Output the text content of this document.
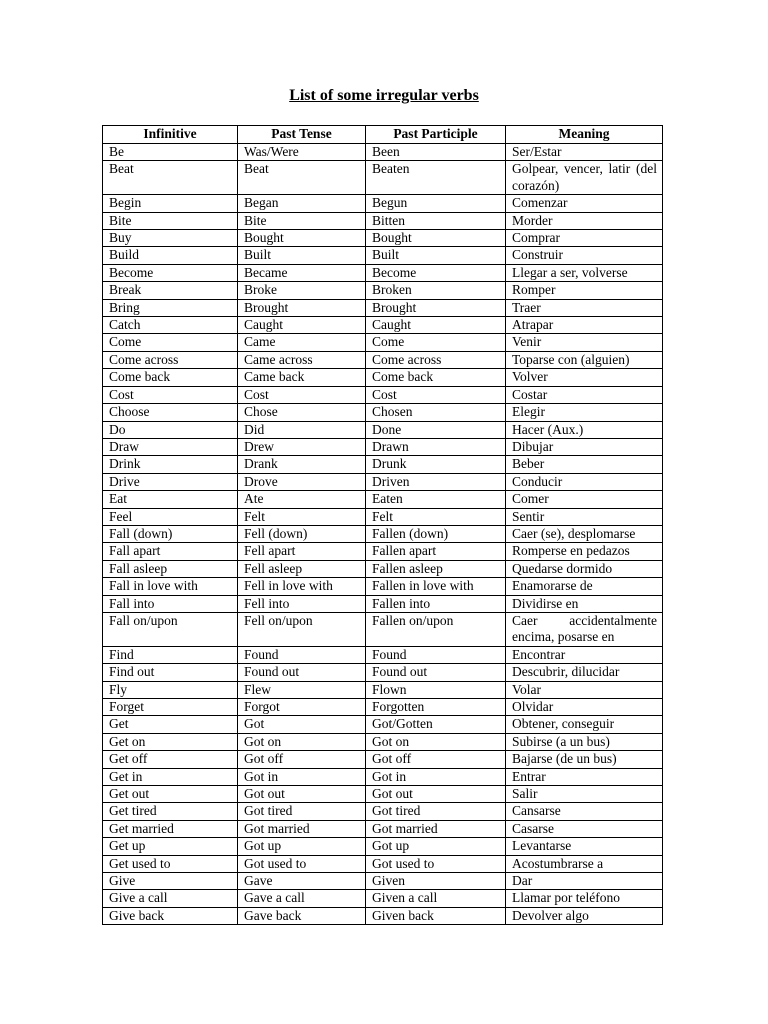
List of some irregular verbs
Infinitive	Past Tense	Past Participle	Meaning
Be	Was/Were	Been	Ser/Estar
Beat	Beat	Beaten	Golpear, vencer, latir (del corazón)
Begin	Began	Begun	Comenzar
Bite	Bite	Bitten	Morder
Buy	Bought	Bought	Comprar
Build	Built	Built	Construir
Become	Became	Become	Llegar a ser, volverse
Break	Broke	Broken	Romper
Bring	Brought	Brought	Traer
Catch	Caught	Caught	Atrapar
Come	Came	Come	Venir
Come across	Came across	Come across	Toparse con (alguien)
Come back	Came back	Come back	Volver
Cost	Cost	Cost	Costar
Choose	Chose	Chosen	Elegir
Do	Did	Done	Hacer (Aux.)
Draw	Drew	Drawn	Dibujar
Drink	Drank	Drunk	Beber
Drive	Drove	Driven	Conducir
Eat	Ate	Eaten	Comer
Feel	Felt	Felt	Sentir
Fall (down)	Fell (down)	Fallen (down)	Caer (se), desplomarse
Fall apart	Fell apart	Fallen apart	Romperse en pedazos
Fall asleep	Fell asleep	Fallen asleep	Quedarse dormido
Fall in love with	Fell in love with	Fallen in love with	Enamorarse de
Fall into	Fell into	Fallen into	Dividirse en
Fall on/upon	Fell on/upon	Fallen on/upon	Caer accidentalmente encima, posarse en
Find	Found	Found	Encontrar
Find out	Found out	Found out	Descubrir, dilucidar
Fly	Flew	Flown	Volar
Forget	Forgot	Forgotten	Olvidar
Get	Got	Got/Gotten	Obtener, conseguir
Get on	Got on	Got on	Subirse (a un bus)
Get off	Got off	Got off	Bajarse (de un bus)
Get in	Got in	Got in	Entrar
Get out	Got out	Got out	Salir
Get tired	Got tired	Got tired	Cansarse
Get married	Got married	Got married	Casarse
Get up	Got up	Got up	Levantarse
Get used to	Got used to	Got used to	Acostumbrarse a
Give	Gave	Given	Dar
Give a call	Gave a call	Given a call	Llamar por teléfono
Give back	Gave back	Given back	Devolver algo
